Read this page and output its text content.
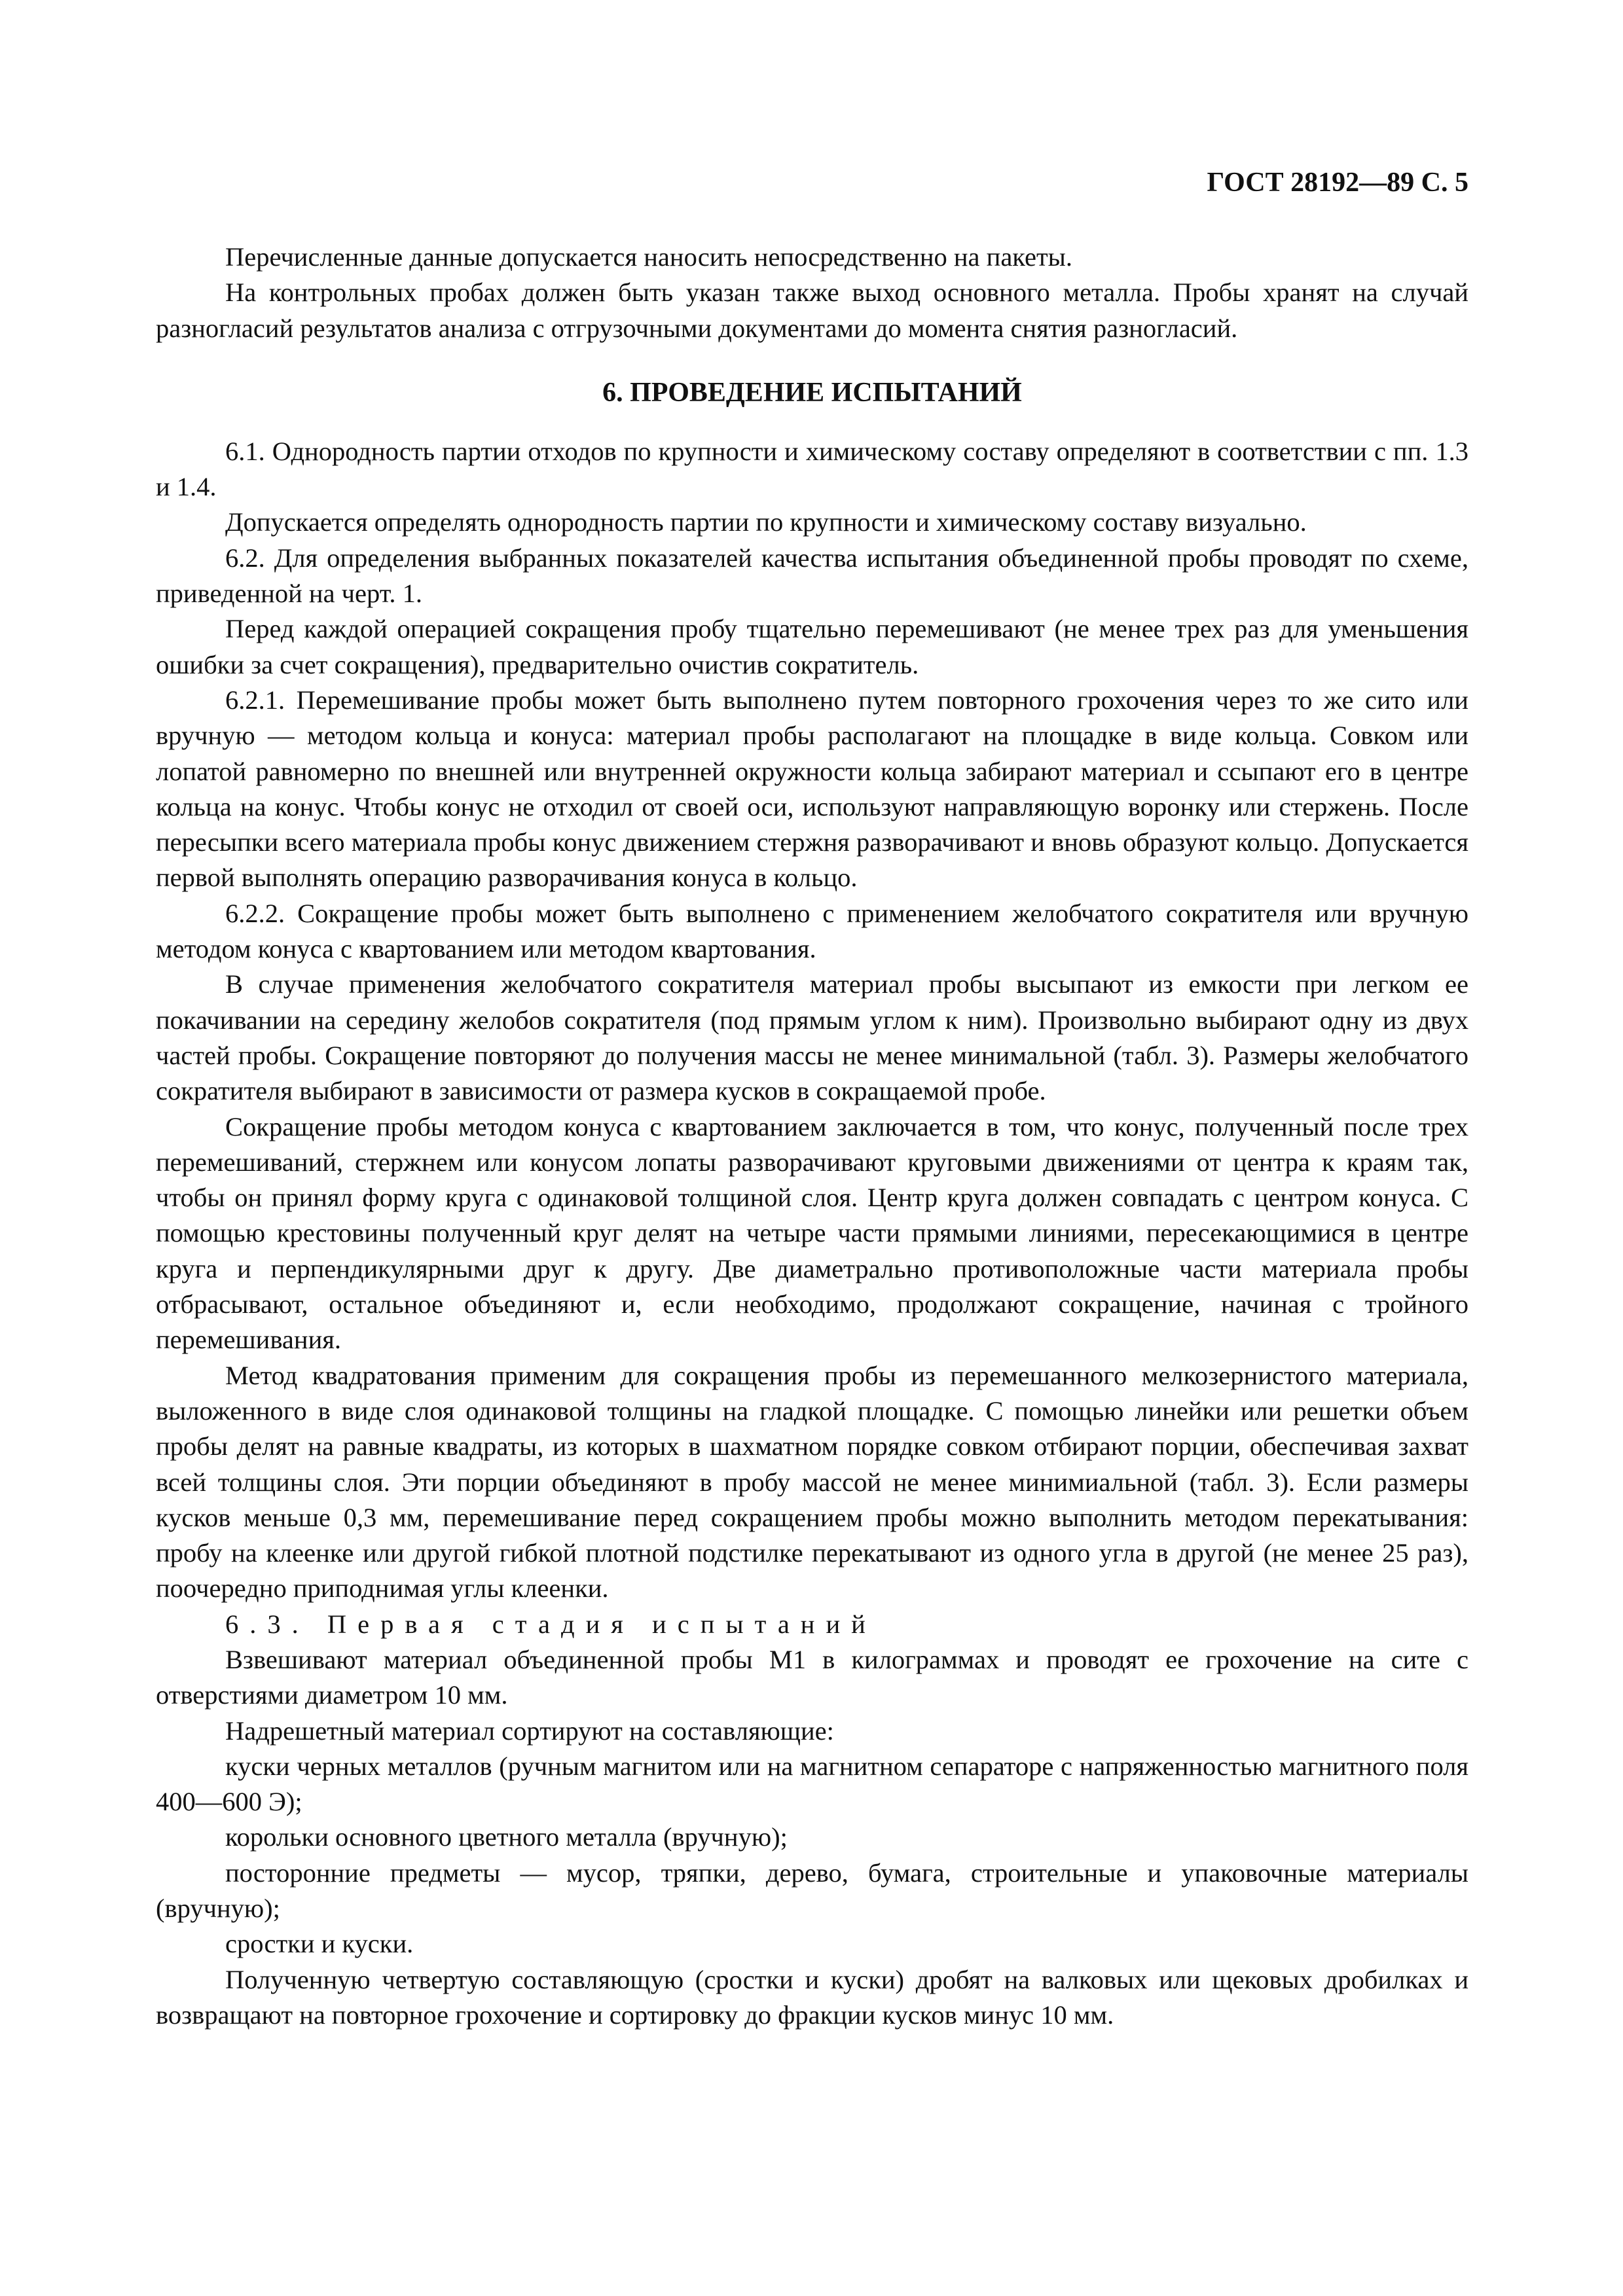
ГОСТ 28192—89 С. 5

Перечисленные данные допускается наносить непосредственно на пакеты.

На контрольных пробах должен быть указан также выход основного металла. Пробы хранят на случай разногласий результатов анализа с отгрузочными документами до момента снятия разногласий.

6. ПРОВЕДЕНИЕ ИСПЫТАНИЙ

6.1. Однородность партии отходов по крупности и химическому составу определяют в соответствии с пп. 1.3 и 1.4.

Допускается определять однородность партии по крупности и химическому составу визуально.

6.2. Для определения выбранных показателей качества испытания объединенной пробы проводят по схеме, приведенной на черт. 1.

Перед каждой операцией сокращения пробу тщательно перемешивают (не менее трех раз для уменьшения ошибки за счет сокращения), предварительно очистив сократитель.

6.2.1. Перемешивание пробы может быть выполнено путем повторного грохочения через то же сито или вручную — методом кольца и конуса: материал пробы располагают на площадке в виде кольца. Совком или лопатой равномерно по внешней или внутренней окружности кольца забирают материал и ссыпают его в центре кольца на конус. Чтобы конус не отходил от своей оси, используют направляющую воронку или стержень. После пересыпки всего материала пробы конус движением стержня разворачивают и вновь образуют кольцо. Допускается первой выполнять операцию разворачивания конуса в кольцо.

6.2.2. Сокращение пробы может быть выполнено с применением желобчатого сократителя или вручную методом конуса с квартованием или методом квартования.

В случае применения желобчатого сократителя материал пробы высыпают из емкости при легком ее покачивании на середину желобов сократителя (под прямым углом к ним). Произвольно выбирают одну из двух частей пробы. Сокращение повторяют до получения массы не менее минимальной (табл. 3). Размеры желобчатого сократителя выбирают в зависимости от размера кусков в сокращаемой пробе.

Сокращение пробы методом конуса с квартованием заключается в том, что конус, полученный после трех перемешиваний, стержнем или конусом лопаты разворачивают круговыми движениями от центра к краям так, чтобы он принял форму круга с одинаковой толщиной слоя. Центр круга должен совпадать с центром конуса. С помощью крестовины полученный круг делят на четыре части прямыми линиями, пересекающимися в центре круга и перпендикулярными друг к другу. Две диаметрально противоположные части материала пробы отбрасывают, остальное объединяют и, если необходимо, продолжают сокращение, начиная с тройного перемешивания.

Метод квадратования применим для сокращения пробы из перемешанного мелкозернистого материала, выложенного в виде слоя одинаковой толщины на гладкой площадке. С помощью линейки или решетки объем пробы делят на равные квадраты, из которых в шахматном порядке совком отбирают порции, обеспечивая захват всей толщины слоя. Эти порции объединяют в пробу массой не менее минимиальной (табл. 3). Если размеры кусков меньше 0,3 мм, перемешивание перед сокращением пробы можно выполнить методом перекатывания: пробу на клеенке или другой гибкой плотной подстилке перекатывают из одного угла в другой (не менее 25 раз), поочередно приподнимая углы клеенки.

6.3. Первая стадия испытаний

Взвешивают материал объединенной пробы М1 в килограммах и проводят ее грохочение на сите с отверстиями диаметром 10 мм.

Надрешетный материал сортируют на составляющие:

куски черных металлов (ручным магнитом или на магнитном сепараторе с напряженностью магнитного поля 400—600 Э);

корольки основного цветного металла (вручную);

посторонние предметы — мусор, тряпки, дерево, бумага, строительные и упаковочные материалы (вручную);

сростки и куски.

Полученную четвертую составляющую (сростки и куски) дробят на валковых или щековых дробилках и возвращают на повторное грохочение и сортировку до фракции кусков минус 10 мм.
